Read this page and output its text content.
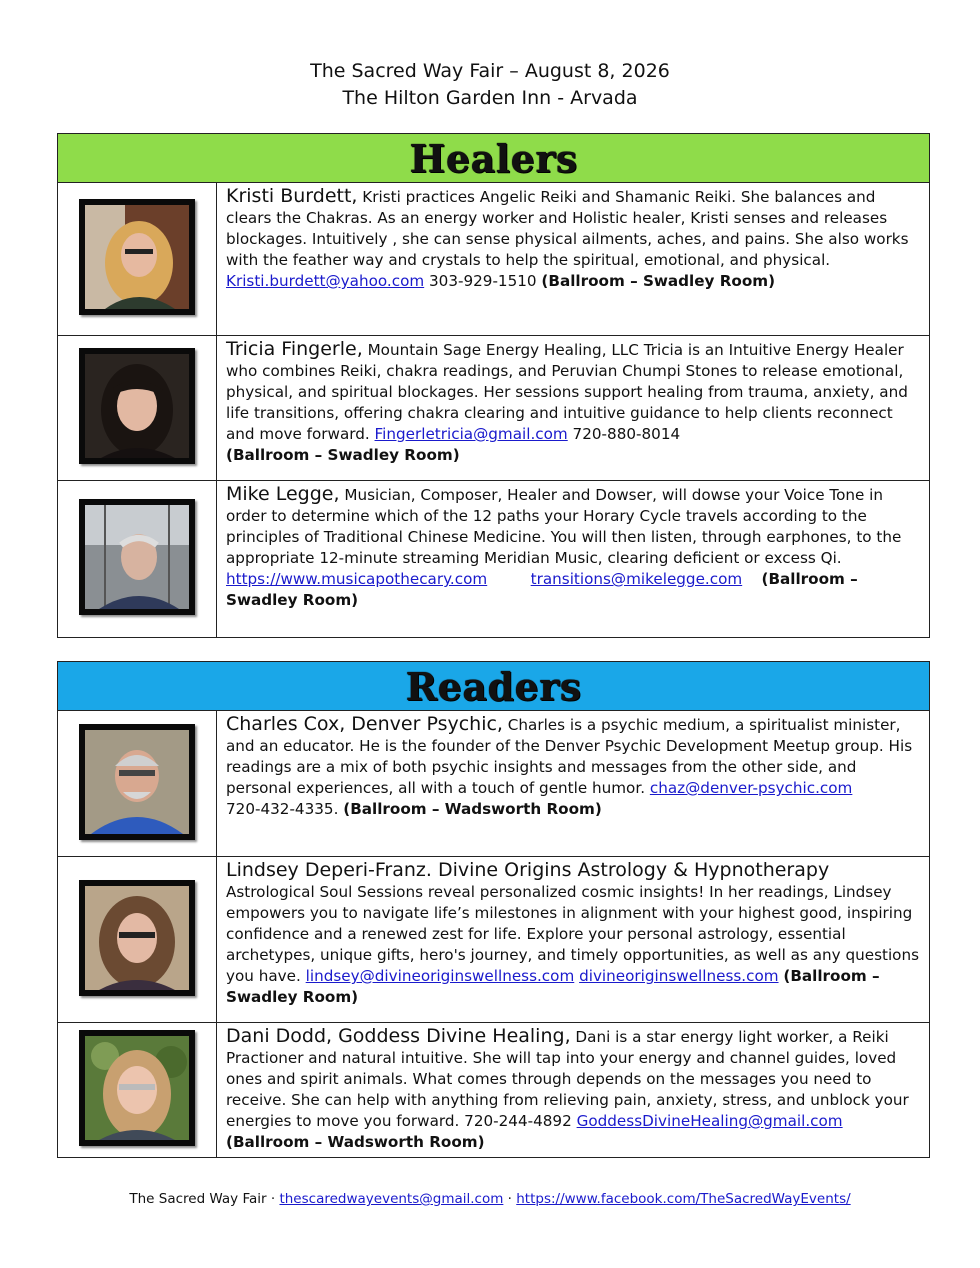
The Sacred Way Fair – August 8, 2026
The Hilton Garden Inn - Arvada
Healers	
	Kristi Burdett, Kristi practices Angelic Reiki and Shamanic Reiki. She balances and clears the Chakras. As an energy worker and Holistic healer, Kristi senses and releases blockages. Intuitively , she can sense physical ailments, aches, and pains. She also works with the feather way and crystals to help the spiritual, emotional, and physical. Kristi.burdett@yahoo.com 303-929-1510 (Ballroom – Swadley Room)
	Tricia Fingerle, Mountain Sage Energy Healing, LLC Tricia is an Intuitive Energy Healer who combines Reiki, chakra readings, and Peruvian Chumpi Stones to release emotional, physical, and spiritual blockages. Her sessions support healing from trauma, anxiety, and life transitions, offering chakra clearing and intuitive guidance to help clients reconnect and move forward. Fingerletricia@gmail.com 720-880-8014
(Ballroom – Swadley Room)
	Mike Legge, Musician, Composer, Healer and Dowser, will dowse your Voice Tone in order to determine which of the 12 paths your Horary Cycle travels according to the principles of Traditional Chinese Medicine. You will then listen, through earphones, to the appropriate 12-minute streaming Meridian Music, clearing deficient or excess Qi.
https://www.musicapothecary.com transitions@mikelegge.com (Ballroom – Swadley Room)
Readers	
	Charles Cox, Denver Psychic, Charles is a psychic medium, a spiritualist minister, and an educator. He is the founder of the Denver Psychic Development Meetup group. His readings are a mix of both psychic insights and messages from the other side, and personal experiences, all with a touch of gentle humor. chaz@denver-psychic.com
720-432-4335. (Ballroom – Wadsworth Room)
	Lindsey Deperi-Franz. Divine Origins Astrology & Hypnotherapy
Astrological Soul Sessions reveal personalized cosmic insights! In her readings, Lindsey empowers you to navigate life’s milestones in alignment with your highest good, inspiring confidence and a renewed zest for life. Explore your personal astrology, essential archetypes, unique gifts, hero's journey, and timely opportunities, as well as any questions you have. lindsey@divineoriginswellness.com divineoriginswellness.com (Ballroom – Swadley Room)
	Dani Dodd, Goddess Divine Healing, Dani is a star energy light worker, a Reiki Practioner and natural intuitive. She will tap into your energy and channel guides, loved ones and spirit animals. What comes through depends on the messages you need to receive. She can help with anything from relieving pain, anxiety, stress, and unblock your energies to move you forward. 720-244-4892 GoddessDivineHealing@gmail.com
(Ballroom – Wadsworth Room)
The Sacred Way Fair · thescaredwayevents@gmail.com · https://www.facebook.com/TheSacredWayEvents/
